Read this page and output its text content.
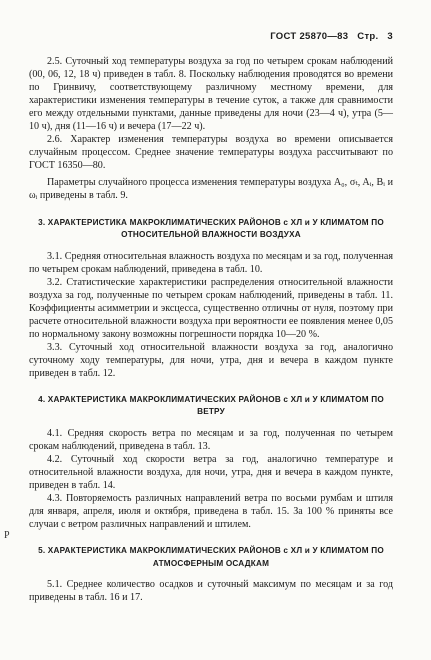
ГОСТ 25870—83 Стр. 3
Р

2.5. Суточный ход температуры воздуха за год по четырем срокам наблюдений (00, 06, 12, 18 ч) приведен в табл. 8. Поскольку наблюдения проводятся во времени по Гринвичу, соответствующему различному местному времени, для характеристики изменения температуры в течение суток, а также для сравнимости его между отдельными пунктами, данные приведены для ночи (23—4 ч), утра (5—10 ч), дня (11—16 ч) и вечера (17—22 ч).

2.6. Характер изменения температуры воздуха во времени описывается случайным процессом. Среднее значение температуры воздуха рассчитывают по ГОСТ 16350—80.

Параметры случайного процесса изменения температуры воздуха A₀, σₜ, Aᵢ, Bᵢ и ωᵢ приведены в табл. 9.

3. ХАРАКТЕРИСТИКА МАКРОКЛИМАТИЧЕСКИХ РАЙОНОВ с ХЛ и У КЛИМАТОМ ПО ОТНОСИТЕЛЬНОЙ ВЛАЖНОСТИ ВОЗДУХА

3.1. Средняя относительная влажность воздуха по месяцам и за год, полученная по четырем срокам наблюдений, приведена в табл. 10.

3.2. Статистические характеристики распределения относительной влажности воздуха за год, полученные по четырем срокам наблюдений, приведены в табл. 11. Коэффициенты асимметрии и эксцесса, существенно отличны от нуля, поэтому при расчете относительной влажности воздуха при вероятности ее появления менее 0,05 по нормальному закону возможны погрешности порядка 10—20 %.

3.3. Суточный ход относительной влажности воздуха за год, аналогично суточному ходу температуры, для ночи, утра, дня и вечера в каждом пункте приведен в табл. 12.

4. ХАРАКТЕРИСТИКА МАКРОКЛИМАТИЧЕСКИХ РАЙОНОВ с ХЛ и У КЛИМАТОМ ПО ВЕТРУ

4.1. Средняя скорость ветра по месяцам и за год, полученная по четырем срокам наблюдений, приведена в табл. 13.

4.2. Суточный ход скорости ветра за год, аналогично температуре и относительной влажности воздуха, для ночи, утра, дня и вечера в каждом пункте, приведен в табл. 14.

4.3. Повторяемость различных направлений ветра по восьми румбам и штиля для января, апреля, июля и октября, приведена в табл. 15. За 100 % приняты все случаи с ветром различных направлений и штилем.

5. ХАРАКТЕРИСТИКА МАКРОКЛИМАТИЧЕСКИХ РАЙОНОВ с ХЛ и У КЛИМАТОМ ПО АТМОСФЕРНЫМ ОСАДКАМ

5.1. Среднее количество осадков и суточный максимум по месяцам и за год приведены в табл. 16 и 17.
